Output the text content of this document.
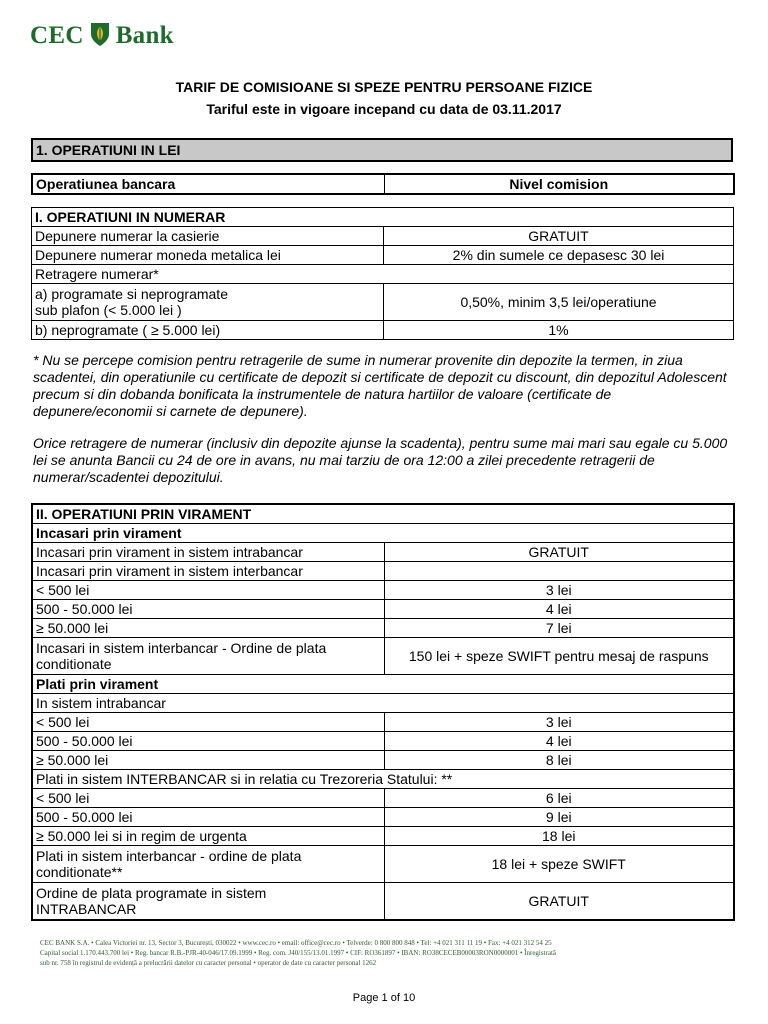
CEC Bank
TARIF DE COMISIOANE SI SPEZE PENTRU PERSOANE FIZICE
Tariful este in vigoare incepand cu data de 03.11.2017
1. OPERATIUNI IN LEI
Operatiunea bancara	Nivel comision
I. OPERATIUNI IN NUMERAR	
Depunere numerar la casierie	GRATUIT
Depunere numerar moneda metalica lei	2% din sumele ce depasesc 30 lei
Retragere numerar*	

a) programate si neprogramate
sub plafon (< 5.000 lei )	0,50%, minim 3,5 lei/operatiune
b) neprogramate ( ≥ 5.000 lei)	1%
* Nu se percepe comision pentru retragerile de sume in numerar provenite din depozite la termen, in ziua scadentei, din operatiunile cu certificate de depozit si certificate de depozit cu discount, din depozitul Adolescent precum si din dobanda bonificata la instrumentele de natura hartiilor de valoare (certificate de depunere/economii si carnete de depunere).
Orice retragere de numerar (inclusiv din depozite ajunse la scadenta), pentru sume mai mari sau egale cu 5.000 lei se anunta Bancii cu 24 de ore in avans, nu mai tarziu de ora 12:00 a zilei precedente retragerii de numerar/scadentei depozitului.
II. OPERATIUNI PRIN VIRAMENT	
Incasari prin virament	
Incasari prin virament in sistem intrabancar	GRATUIT
Incasari prin virament in sistem interbancar	
< 500 lei	3 lei
500 - 50.000 lei	4 lei
≥ 50.000 lei	7 lei

Incasari in sistem interbancar - Ordine de plata
conditionate	150 lei + speze SWIFT pentru mesaj de raspuns
Plati prin virament	
In sistem intrabancar	
< 500 lei	3 lei
500 - 50.000 lei	4 lei
≥ 50.000 lei	8 lei
Plati in sistem INTERBANCAR si in relatia cu Trezoreria Statului: **	
< 500 lei	6 lei
500 - 50.000 lei	9 lei
≥ 50.000 lei si in regim de urgenta	18 lei

Plati in sistem interbancar - ordine de plata
conditionate**	18 lei + speze SWIFT

Ordine de plata programate in sistem
INTRABANCAR	GRATUIT
CEC BANK S.A. • Calea Victoriei nr. 13, Sector 3, București, 030022 • www.cec.ro • email: office@cec.ro • Telverde: 0 800 800 848 • Tel: +4 021 311 11 19 • Fax: +4 021 312 54 25
Capital social 1.170.443.700 lei • Reg. bancar R.B.-PJR-40-046/17.09.1999 • Reg. com. J40/155/13.01.1997 • CIF: RO361897 • IBAN: RO38CECEB00003RON0000001 • Înregistrată
sub nr. 758 în registrul de evidență a prelucrării datelor cu caracter personal • operator de date cu caracter personal 1262
Page 1 of 10
